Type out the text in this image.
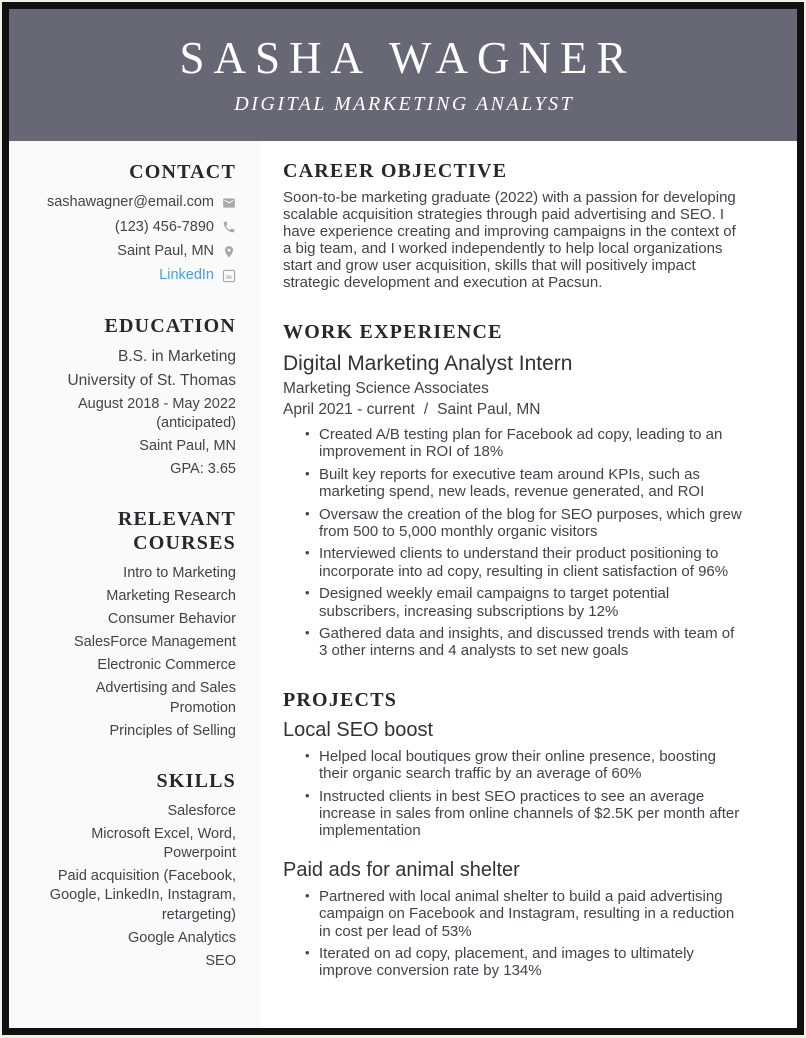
SASHA WAGNER
DIGITAL MARKETING ANALYST
CONTACT
sashawagner@email.com
(123) 456-7890
Saint Paul, MN
LinkedIn in
EDUCATION
B.S. in Marketing
University of St. Thomas
August 2018 - May 2022 (anticipated)
Saint Paul, MN
GPA: 3.65
RELEVANT COURSES
Intro to Marketing
Marketing Research
Consumer Behavior
SalesForce Management
Electronic Commerce
Advertising and Sales Promotion
Principles of Selling
SKILLS
Salesforce
Microsoft Excel, Word, Powerpoint
Paid acquisition (Facebook, Google, LinkedIn, Instagram, retargeting)
Google Analytics
SEO
CAREER OBJECTIVE

Soon-to-be marketing graduate (2022) with a passion for developing scalable acquisition strategies through paid advertising and SEO. I have experience creating and improving campaigns in the context of a big team, and I worked independently to help local organizations start and grow user acquisition, skills that will positively impact strategic development and execution at Pacsun.

WORK EXPERIENCE
Digital Marketing Analyst Intern

Marketing Science Associates

April 2021 - current / Saint Paul, MN

• Created A/B testing plan for Facebook ad copy, leading to an improvement in ROI of 18%
• Built key reports for executive team around KPIs, such as marketing spend, new leads, revenue generated, and ROI
• Oversaw the creation of the blog for SEO purposes, which grew from 500 to 5,000 monthly organic visitors
• Interviewed clients to understand their product positioning to incorporate into ad copy, resulting in client satisfaction of 96%
• Designed weekly email campaigns to target potential subscribers, increasing subscriptions by 12%
• Gathered data and insights, and discussed trends with team of 3 other interns and 4 analysts to set new goals
PROJECTS
Local SEO boost
• Helped local boutiques grow their online presence, boosting their organic search traffic by an average of 60%
• Instructed clients in best SEO practices to see an average increase in sales from online channels of $2.5K per month after implementation
Paid ads for animal shelter
• Partnered with local animal shelter to build a paid advertising campaign on Facebook and Instagram, resulting in a reduction in cost per lead of 53%
• Iterated on ad copy, placement, and images to ultimately improve conversion rate by 134%
